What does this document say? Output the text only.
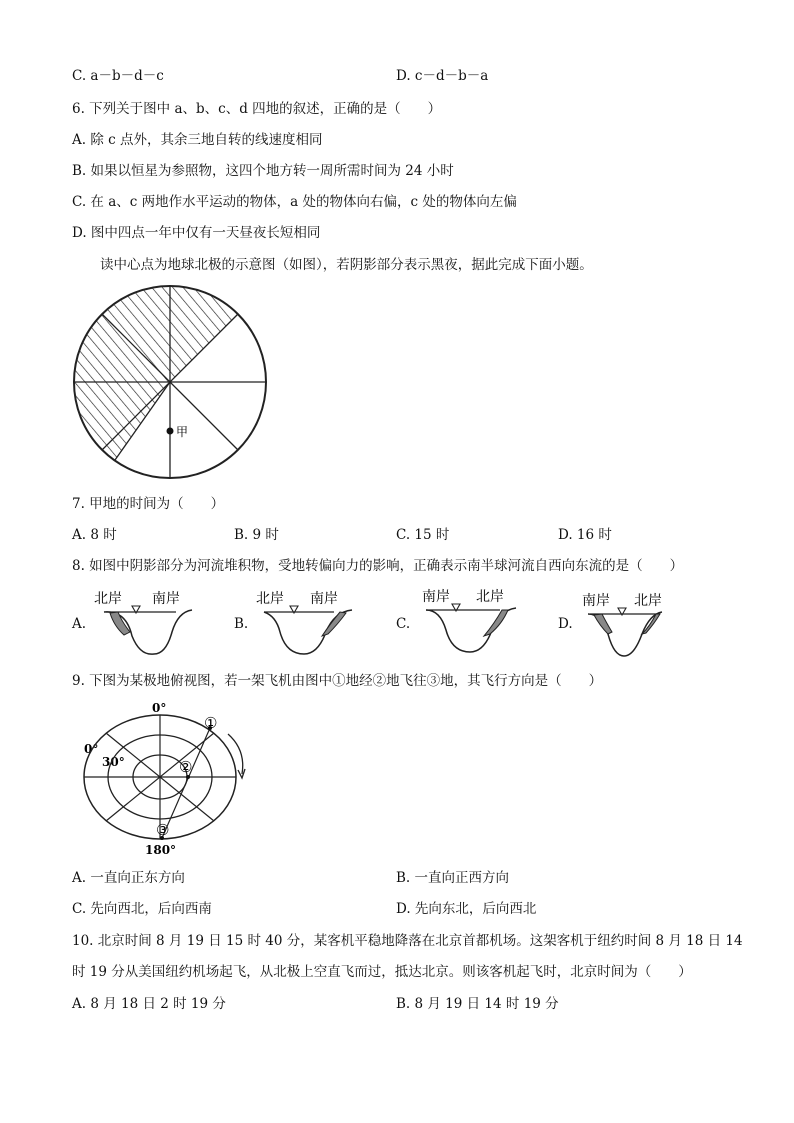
C. a－b－d－c	D. c－d－b－a
6. 下列关于图中 a、b、c、d 四地的叙述，正确的是（　　）
A. 除 c 点外，其余三地自转的线速度相同
B. 如果以恒星为参照物，这四个地方转一周所需时间为 24 小时
C. 在 a、c 两地作水平运动的物体，a 处的物体向右偏，c 处的物体向左偏
D. 图中四点一年中仅有一天昼夜长短相同
读中心点为地球北极的示意图（如图），若阴影部分表示黑夜，据此完成下面小题。
甲
7. 甲地的时间为（　　）
A. 8 时	B. 9 时	C. 15 时	D. 16 时
8. 如图中阴影部分为河流堆积物，受地转偏向力的影响，正确表示南半球河流自西向东流的是（　　）
A.
北岸 南岸
B.
北岸 南岸
C.
南岸 北岸
D.
南岸 北岸
9. 下图为某极地俯视图，若一架飞机由图中①地经②地飞往③地，其飞行方向是（　　）
0°
0°
30°
180°
①
②
③
A. 一直向正东方向	B. 一直向正西方向
C. 先向西北，后向西南	D. 先向东北，后向西北
10. 北京时间 8 月 19 日 15 时 40 分，某客机平稳地降落在北京首都机场。这架客机于纽约时间 8 月 18 日 14
时 19 分从美国纽约机场起飞，从北极上空直飞而过，抵达北京。则该客机起飞时，北京时间为（　　）
A. 8 月 18 日 2 时 19 分	B. 8 月 19 日 14 时 19 分
